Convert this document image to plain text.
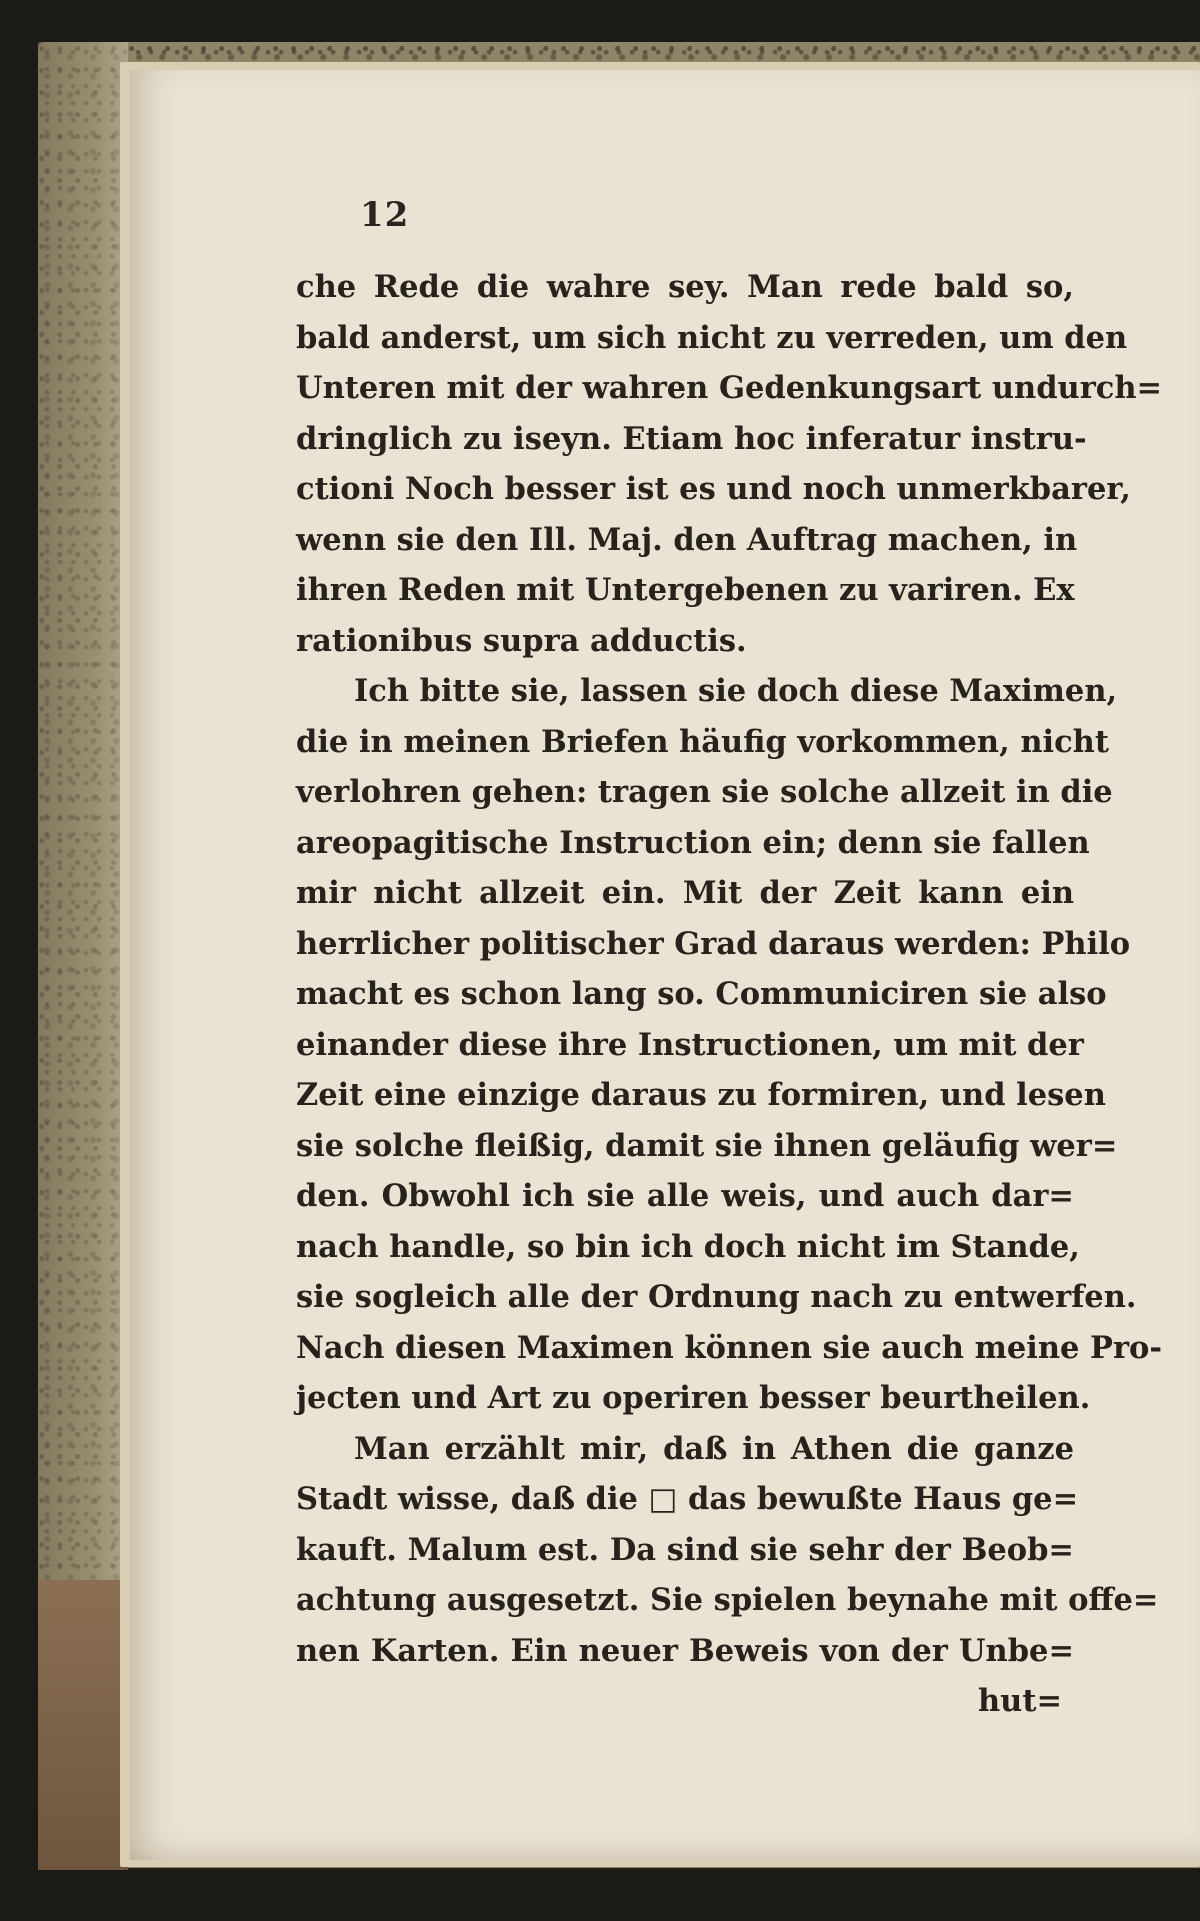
12
che Rede die wahre sey. Man rede bald so,
bald anderst, um sich nicht zu verreden, um den
Unteren mit der wahren Gedenkungsart undurch=
dringlich zu iseyn. Etiam hoc inferatur instru-
ctioni Noch besser ist es und noch unmerkbarer,
wenn sie den Ill. Maj. den Auftrag machen, in
ihren Reden mit Untergebenen zu variren. Ex
rationibus supra adductis.
Ich bitte sie, lassen sie doch diese Maximen,
die in meinen Briefen häufig vorkommen, nicht
verlohren gehen: tragen sie solche allzeit in die
areopagitische Instruction ein; denn sie fallen
mir nicht allzeit ein. Mit der Zeit kann ein
herrlicher politischer Grad daraus werden: Philo
macht es schon lang so. Communiciren sie also
einander diese ihre Instructionen, um mit der
Zeit eine einzige daraus zu formiren, und lesen
sie solche fleißig, damit sie ihnen geläufig wer=
den. Obwohl ich sie alle weis, und auch dar=
nach handle, so bin ich doch nicht im Stande,
sie sogleich alle der Ordnung nach zu entwerfen.
Nach diesen Maximen können sie auch meine Pro-
jecten und Art zu operiren besser beurtheilen.
Man erzählt mir, daß in Athen die ganze
Stadt wisse, daß die □ das bewußte Haus ge=
kauft. Malum est. Da sind sie sehr der Beob=
achtung ausgesetzt. Sie spielen beynahe mit offe=
nen Karten. Ein neuer Beweis von der Unbe=
hut=
